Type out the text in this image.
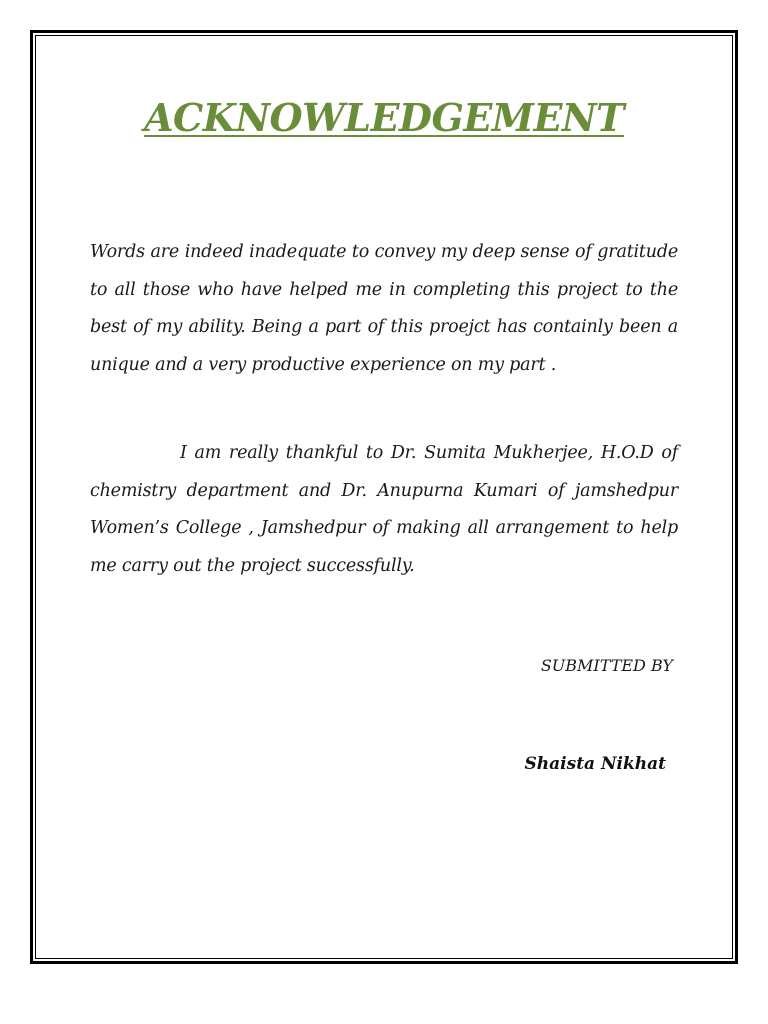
ACKNOWLEDGEMENT

Words are indeed inadequate to convey my deep sense of gratitude to all those who have helped me in completing this project to the best of my ability. Being a part of this proejct has containly been a unique and a very productive experience on my part .

I am really thankful to Dr. Sumita Mukherjee, H.O.D of chemistry department and Dr. Anupurna Kumari of jamshedpur Women’s College , Jamshedpur of making all arrangement to help me carry out the project successfully.

SUBMITTED BY

Shaista Nikhat
